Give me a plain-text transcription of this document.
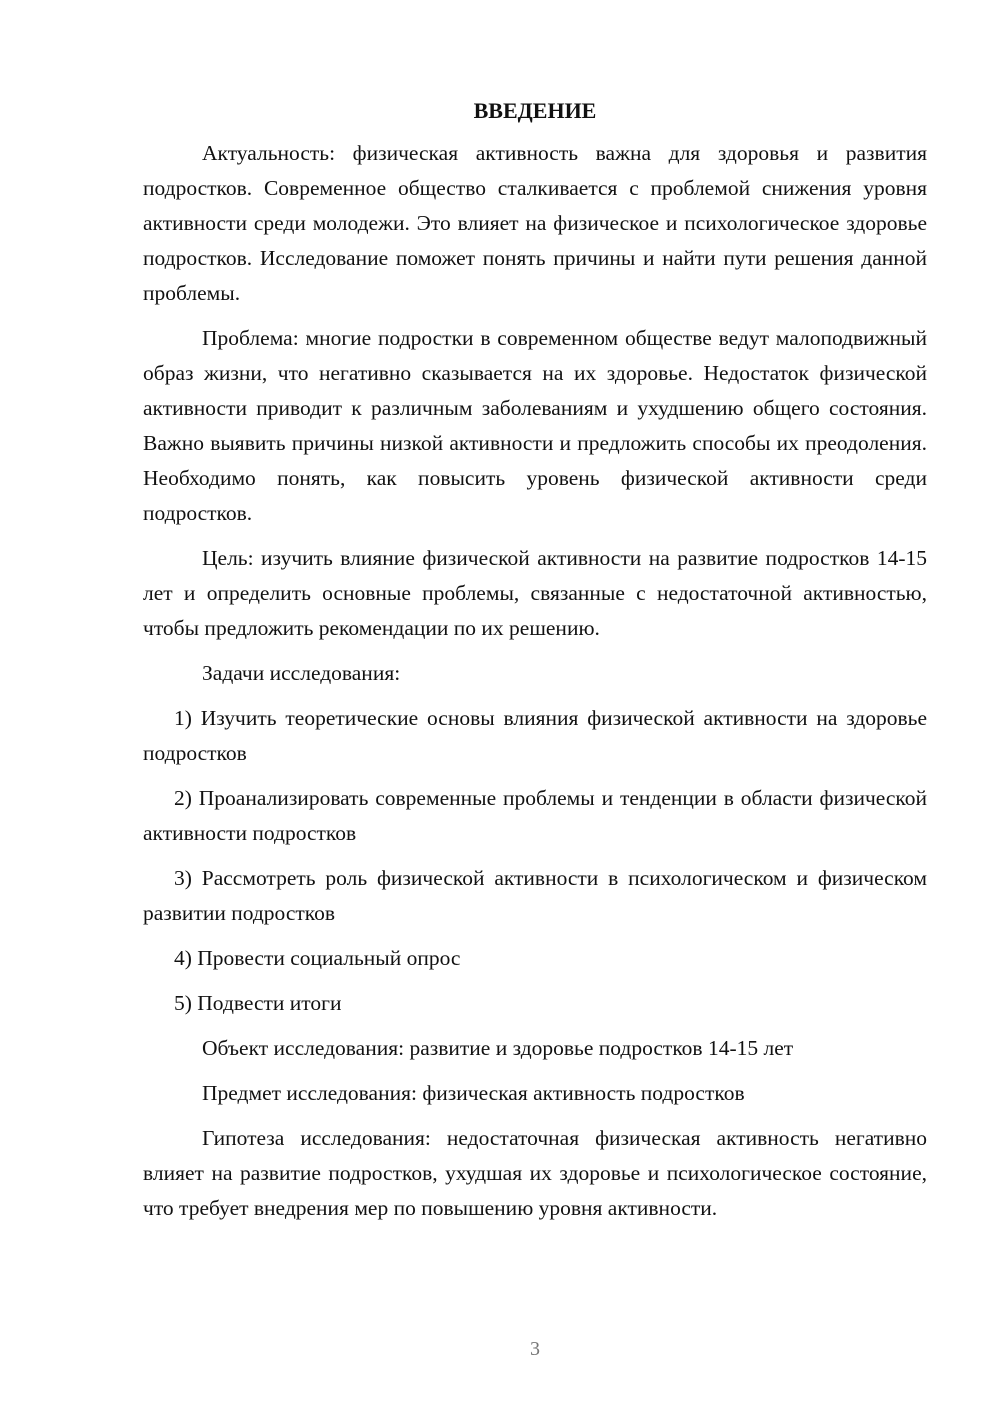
ВВЕДЕНИЕ

Актуальность: физическая активность важна для здоровья и развития подростков. Современное общество сталкивается с проблемой снижения уровня активности среди молодежи. Это влияет на физическое и психологическое здоровье подростков. Исследование поможет понять причины и найти пути решения данной проблемы.

Проблема: многие подростки в современном обществе ведут малоподвижный образ жизни, что негативно сказывается на их здоровье. Недостаток физической активности приводит к различным заболеваниям и ухудшению общего состояния. Важно выявить причины низкой активности и предложить способы их преодоления. Необходимо понять, как повысить уровень физической активности среди подростков.

Цель: изучить влияние физической активности на развитие подростков 14-15 лет и определить основные проблемы, связанные с недостаточной активностью, чтобы предложить рекомендации по их решению.

Задачи исследования:

1) Изучить теоретические основы влияния физической активности на здоровье подростков

2) Проанализировать современные проблемы и тенденции в области физической активности подростков

3) Рассмотреть роль физической активности в психологическом и физическом развитии подростков

4) Провести социальный опрос

5) Подвести итоги

Объект исследования: развитие и здоровье подростков 14-15 лет

Предмет исследования: физическая активность подростков

Гипотеза исследования: недостаточная физическая активность негативно влияет на развитие подростков, ухудшая их здоровье и психологическое состояние, что требует внедрения мер по повышению уровня активности.

3
